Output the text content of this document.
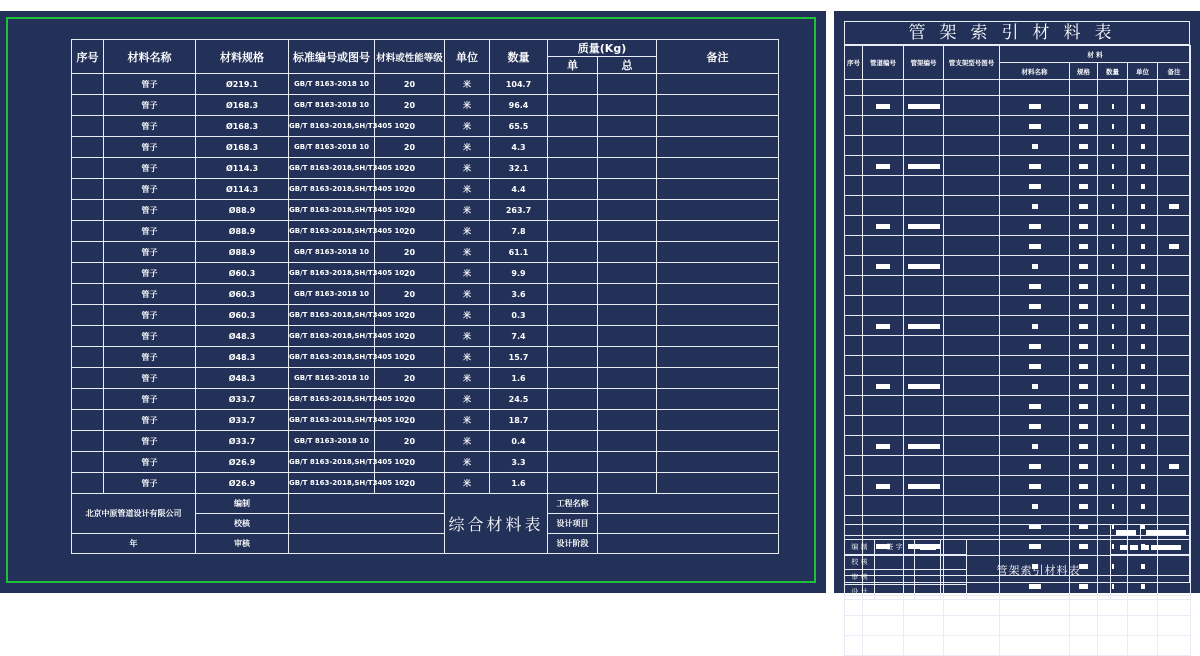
序号	材料名称	材料规格	标准编号或图号	材料或性能等级	单位	数量	质量(Kg)		备注	
							单	总		
	管子	Ø219.1	GB/T 8163-2018 10	20	米	104.7				
	管子	Ø168.3	GB/T 8163-2018 10	20	米	96.4				
	管子	Ø168.3	GB/T 8163-2018,SH/T3405 10	20	米	65.5				
	管子	Ø168.3	GB/T 8163-2018 10	20	米	4.3				
	管子	Ø114.3	GB/T 8163-2018,SH/T3405 10	20	米	32.1				
	管子	Ø114.3	GB/T 8163-2018,SH/T3405 10	20	米	4.4				
	管子	Ø88.9	GB/T 8163-2018,SH/T3405 10	20	米	263.7				
	管子	Ø88.9	GB/T 8163-2018,SH/T3405 10	20	米	7.8				
	管子	Ø88.9	GB/T 8163-2018 10	20	米	61.1				
	管子	Ø60.3	GB/T 8163-2018,SH/T3405 10	20	米	9.9				
	管子	Ø60.3	GB/T 8163-2018 10	20	米	3.6				
	管子	Ø60.3	GB/T 8163-2018,SH/T3405 10	20	米	0.3				
	管子	Ø48.3	GB/T 8163-2018,SH/T3405 10	20	米	7.4				
	管子	Ø48.3	GB/T 8163-2018,SH/T3405 10	20	米	15.7				
	管子	Ø48.3	GB/T 8163-2018 10	20	米	1.6				
	管子	Ø33.7	GB/T 8163-2018,SH/T3405 10	20	米	24.5				
	管子	Ø33.7	GB/T 8163-2018,SH/T3405 10	20	米	18.7				
	管子	Ø33.7	GB/T 8163-2018 10	20	米	0.4				
	管子	Ø26.9	GB/T 8163-2018,SH/T3405 10	20	米	3.3				
	管子	Ø26.9	GB/T 8163-2018,SH/T3405 10	20	米	1.6				
北京中原管道设计有限公司		编制			综合材料表		工程名称			
		校核					设计项目		
年		审核					设计阶段			
管架索引材料表
序号	管道编号	管架编号	管支架型号图号	材 料				
				材料名称	规格	数量	单位	备注

编 制	签 字			管架索引材料表		
校 核						
审 核						
设 计						
